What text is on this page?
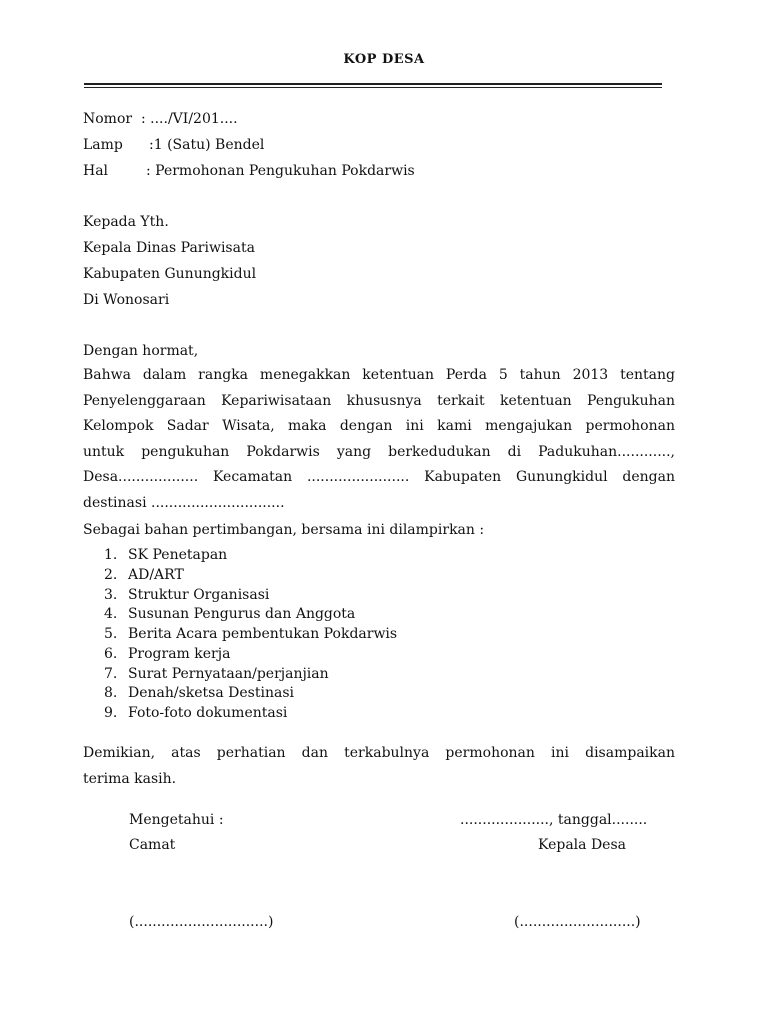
KOP DESA
Nomor  : ..../VI/201....
Lamp :1 (Satu) Bendel
Hal	: Permohonan Pengukuhan Pokdarwis
Kepada Yth.
Kepala Dinas Pariwisata
Kabupaten Gunungkidul
Di Wonosari
Dengan hormat,
Bahwa dalam rangka menegakkan ketentuan Perda 5 tahun 2013 tentang
Penyelenggaraan Kepariwisataan khususnya terkait ketentuan Pengukuhan
Kelompok Sadar Wisata, maka dengan ini kami mengajukan permohonan
untuk pengukuhan Pokdarwis yang berkedudukan di Padukuhan............,
Desa.................. Kecamatan ....................... Kabupaten Gunungkidul dengan
destinasi ..............................
Sebagai bahan pertimbangan, bersama ini dilampirkan :
1. SK Penetapan
2. AD/ART
3. Struktur Organisasi
4. Susunan Pengurus dan Anggota
5. Berita Acara pembentukan Pokdarwis
6. Program kerja
7. Surat Pernyataan/perjanjian
8. Denah/sketsa Destinasi
9. Foto-foto dokumentasi
Demikian, atas perhatian dan terkabulnya permohonan ini disampaikan
terima kasih.
Mengetahui :
Camat
(..............................)
...................., tanggal........
Kepala Desa
(..........................)
